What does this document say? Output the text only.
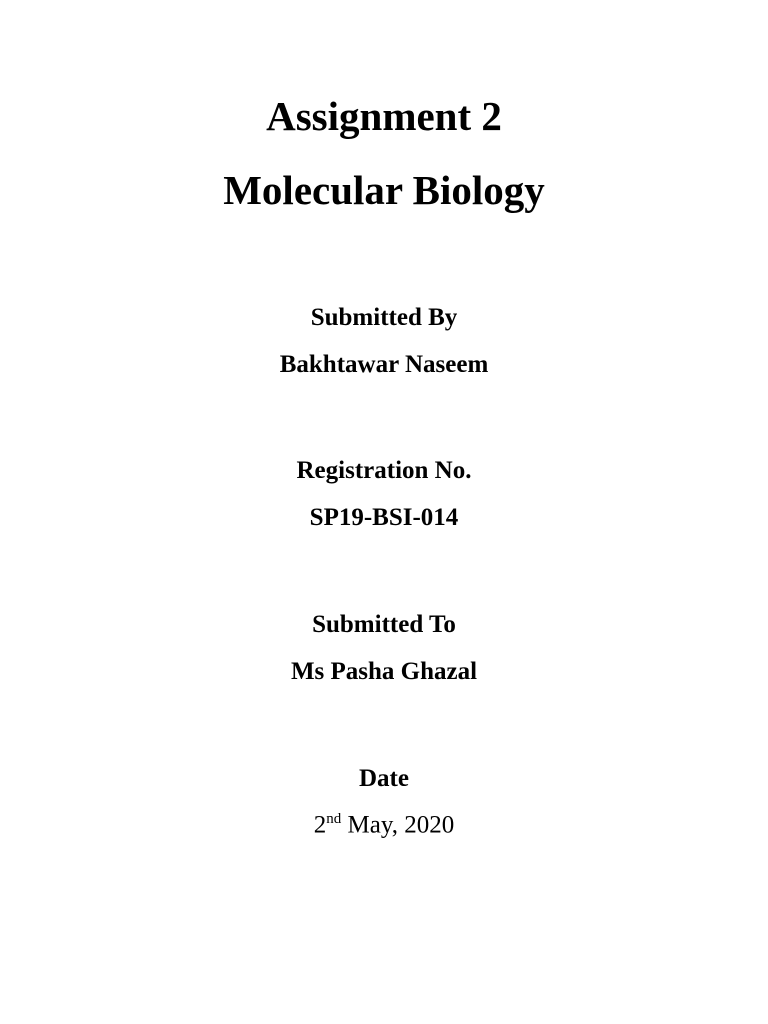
Assignment 2
Molecular Biology
Submitted By
Bakhtawar Naseem
Registration No.
SP19-BSI-014
Submitted To
Ms Pasha Ghazal
Date
2nd May, 2020
